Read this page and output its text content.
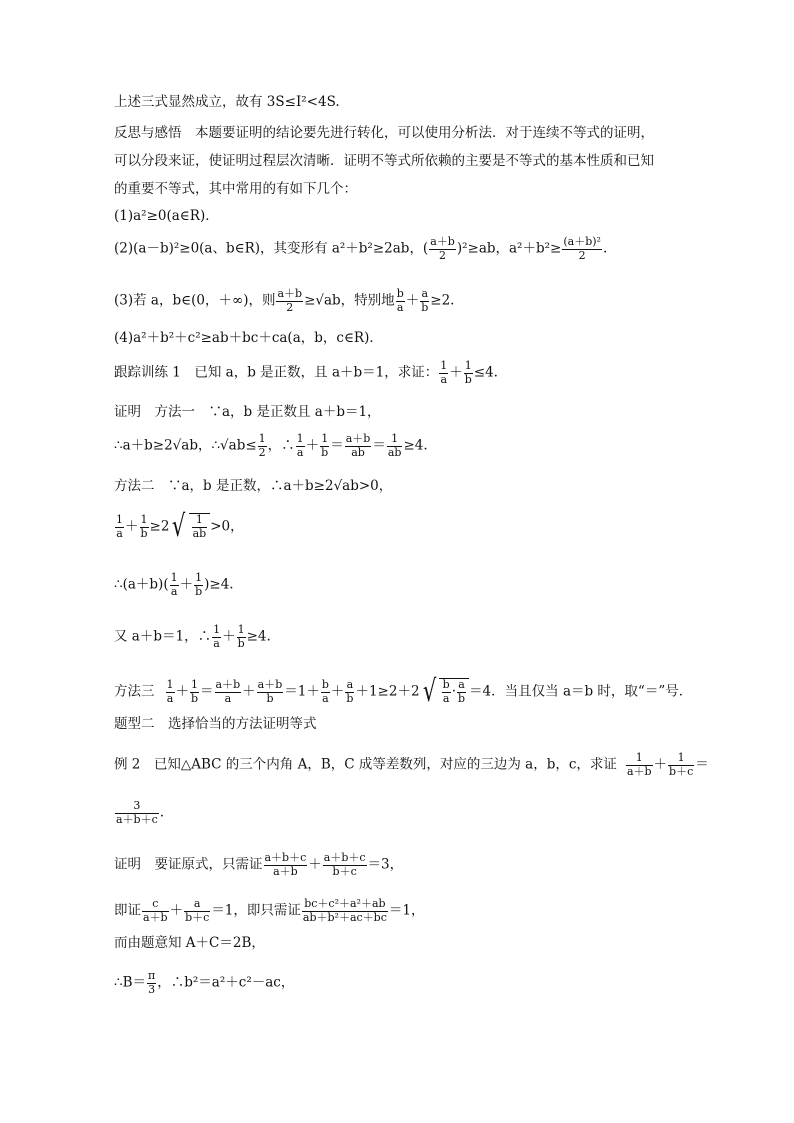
上述三式显然成立，故有 3S≤I²<4S.
反思与感悟　本题要证明的结论要先进行转化，可以使用分析法．对于连续不等式的证明，
可以分段来证，使证明过程层次清晰．证明不等式所依赖的主要是不等式的基本性质和已知
的重要不等式，其中常用的有如下几个：
(1)a²≥0(a∈R)．
(2)(a－b)²≥0(a、b∈R)，其变形有 a²＋b²≥2ab，( $\frac{a+b}{2} )^2\ge ab$，$a^2+b^2\ge \frac{\text{(a＋b)²}}{2}$ .
(3)若 a，b∈(0，＋∞)，则 $\frac{a+b}{2} \ge√ab$，特别地 $\frac{b}{a} + \frac{a}{b} \ge 2$.
(4)a²＋b²＋c²≥ab＋bc＋ca(a，b，c∈R)．
跟踪训练 1　已知 a，b 是正数，且 a＋b＝1，求证： $\frac{1}{a} + \frac{1}{b} \le 4$.
证明　方法一　∵a，b 是正数且 a＋b＝1，
∴a＋b≥2√ab，∴√ab≤ $\frac{1}{2}$ ，∴ $\frac{1}{a} + \frac{1}{b} = \frac{a+b}{ab} = \frac{1}{ab} \ge 4$.
方法二　∵a，b 是正数，∴a＋b≥2√ab>0，
$\frac{1}{a} + \frac{1}{b} \ge 2√ \frac{1}{ab} >0$，
∴(a＋b)( $\frac{1}{a} + \frac{1}{b} )\ge 4$.
又 a＋b＝1，∴ $\frac{1}{a} + \frac{1}{b} \ge 4$.
方法三 $\frac{1}{a} + \frac{1}{b} = \frac{a+b}{a} + \frac{a+b}{b} =1+ \frac{b}{a} + \frac{a}{b} +1\ge 2+2√ \frac{b}{a} \cdot \frac{a}{b} =4$．当且仅当 a＝b 时，取“＝”号．
题型二　选择恰当的方法证明等式
例 2　已知△ABC 的三个内角 A，B，C 成等差数列，对应的三边为 a，b，c，求证 $\frac{1}{a+b} + \frac{1}{b+c}$ ＝
$\frac{3}{a+b+c}$ .
证明　要证原式，只需证 $\frac{a+b+c}{a+b} + \frac{a+b+c}{b+c} =3$，
即证 $\frac{c}{a+b} + \frac{a}{b+c} =1$，即只需证 $\frac{\text{bc＋c²＋a²＋ab}}{\text{ab＋b²＋ac＋bc}} =1$，
而由题意知 A＋C＝2B，
∴B＝ $\frac{\pi}{3}$ ，∴b²＝a²＋c²－ac，
